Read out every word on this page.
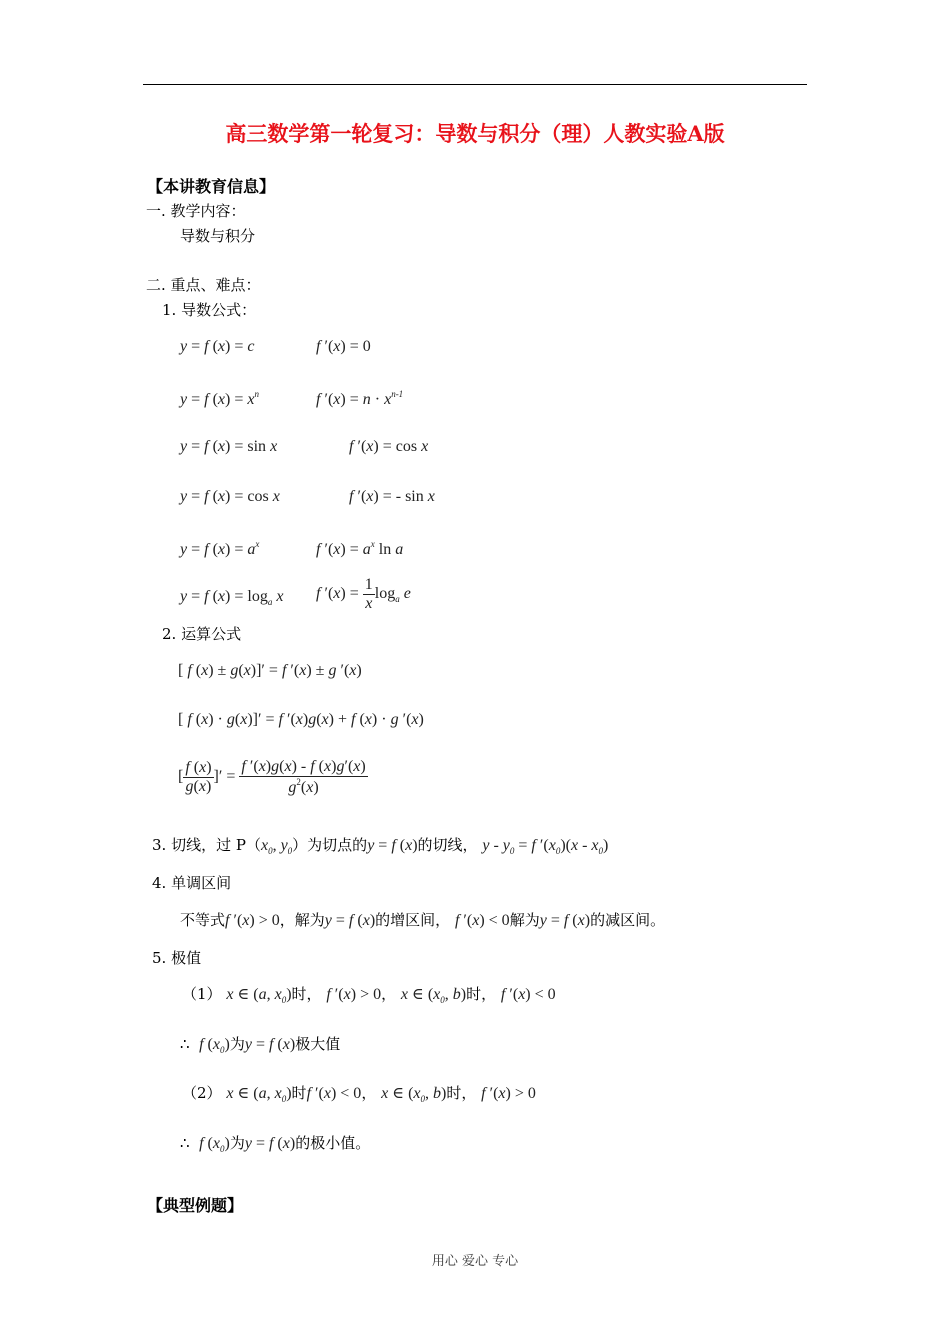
高三数学第一轮复习：导数与积分（理）人教实验A版
【本讲教育信息】
一. 教学内容：
导数与积分
二. 重点、难点：
1. 导数公式：
y = f (x) = c	f ′(x) = 0
y = f $(x) = x^n$	f $'(x) = n \cdot x^{n-1}$
y = f (x) = sin x	f ′(x) = cos x
y = f (x) = cos x	f ′(x) = - sin x
y = f $(x) = a^x$	f $'(x) = a^x$ ln a
y = f $(x) = \log_a x$ f $'(x) = \frac{1}{x} \log_a e$
2. 运算公式
[ f (x) ± g(x)]′ = f ′(x) ± g ′(x)
[ f (x) · g(x)]′ = f ′(x)g(x) + f (x) · g ′(x)
[ $\frac{f (x)}{g(x)}$ ]′ = $\frac{f '(x)g(x) - f (x)g'(x)}{g^2(x)}$
3. 切线，过 $P(x_0$, $y_0$）为切点的y = f (x)的切线， $y - y_0 = f$ $'(x_0)(x - x_0)$
4. 单调区间
不等式f ′(x) > 0，解为y = f (x)的增区间， f ′(x) < 0解为y = f (x)的减区间。
5. 极值
（1） x ∈ (a, $x_0$)时， f ′(x) > 0， x ∈ ($x_0$, b)时， f ′(x) < 0
∴ f $(x_0)$为y = f (x)极大值
（2） x ∈ (a, $x_0$)时f ′(x) < 0， x ∈ ($x_0$, b)时， f ′(x) > 0
∴ f $(x_0)$为y = f (x)的极小值。
【典型例题】
用心 爱心 专心
